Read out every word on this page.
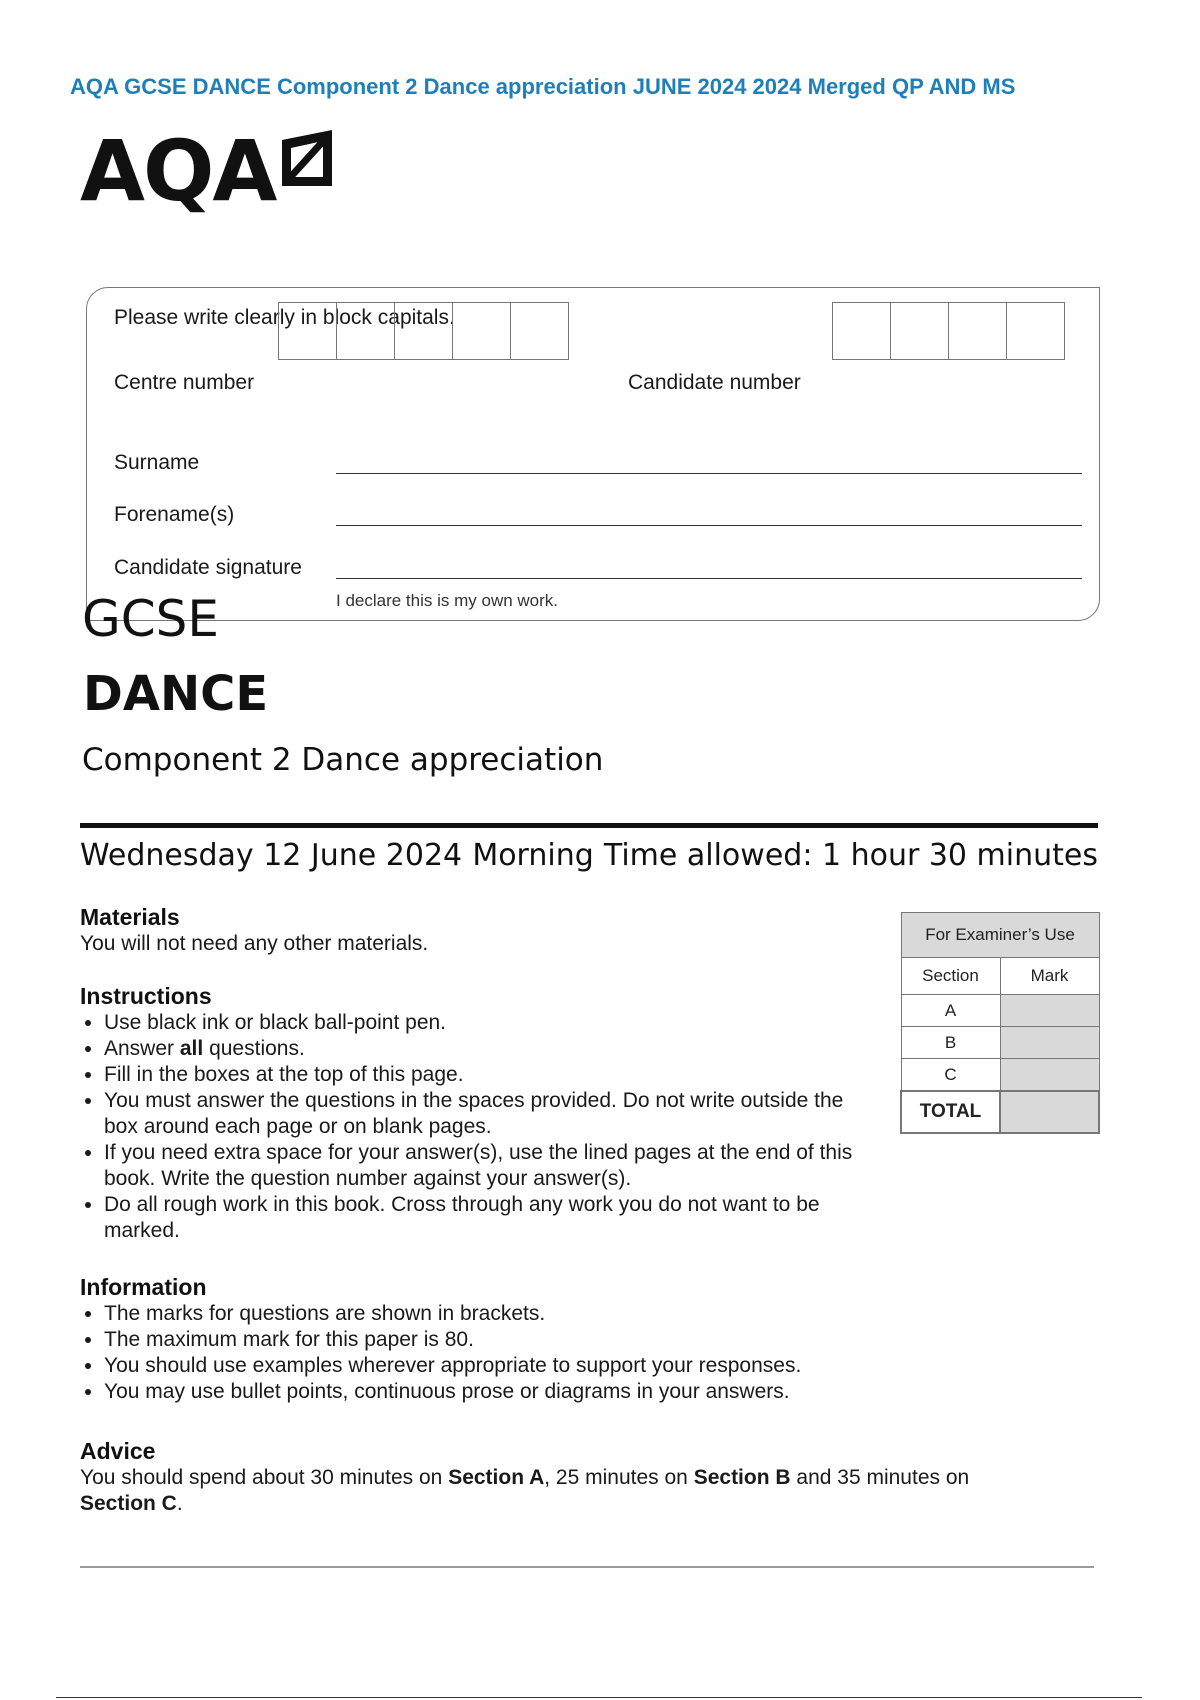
AQA GCSE DANCE Component 2 Dance appreciation JUNE 2024 2024 Merged QP AND MS
AQA
Please write clearly in block capitals.
Centre number	Candidate number
Surname
Forename(s)
Candidate signature
I declare this is my own work.
GCSE
DANCE
Component 2 Dance appreciation
Wednesday 12 June 2024 Morning Time allowed: 1 hour 30 minutes
Materials

You will not need any other materials.

Instructions
• Use black ink or black ball-point pen.
• Answer all questions.
• Fill in the boxes at the top of this page.
• You must answer the questions in the spaces provided. Do not write outside the box around each page or on blank pages.
• If you need extra space for your answer(s), use the lined pages at the end of this book. Write the question number against your answer(s).
• Do all rough work in this book. Cross through any work you do not want to be marked.
Information
• The marks for questions are shown in brackets.
• The maximum mark for this paper is 80.
• You should use examples wherever appropriate to support your responses.
• You may use bullet points, continuous prose or diagrams in your answers.
Advice

You should spend about 30 minutes on Section A, 25 minutes on Section B and 35 minutes on
Section C.

For Examiner’s Use	
Section	Mark
A	
B	
C	
TOTAL	
